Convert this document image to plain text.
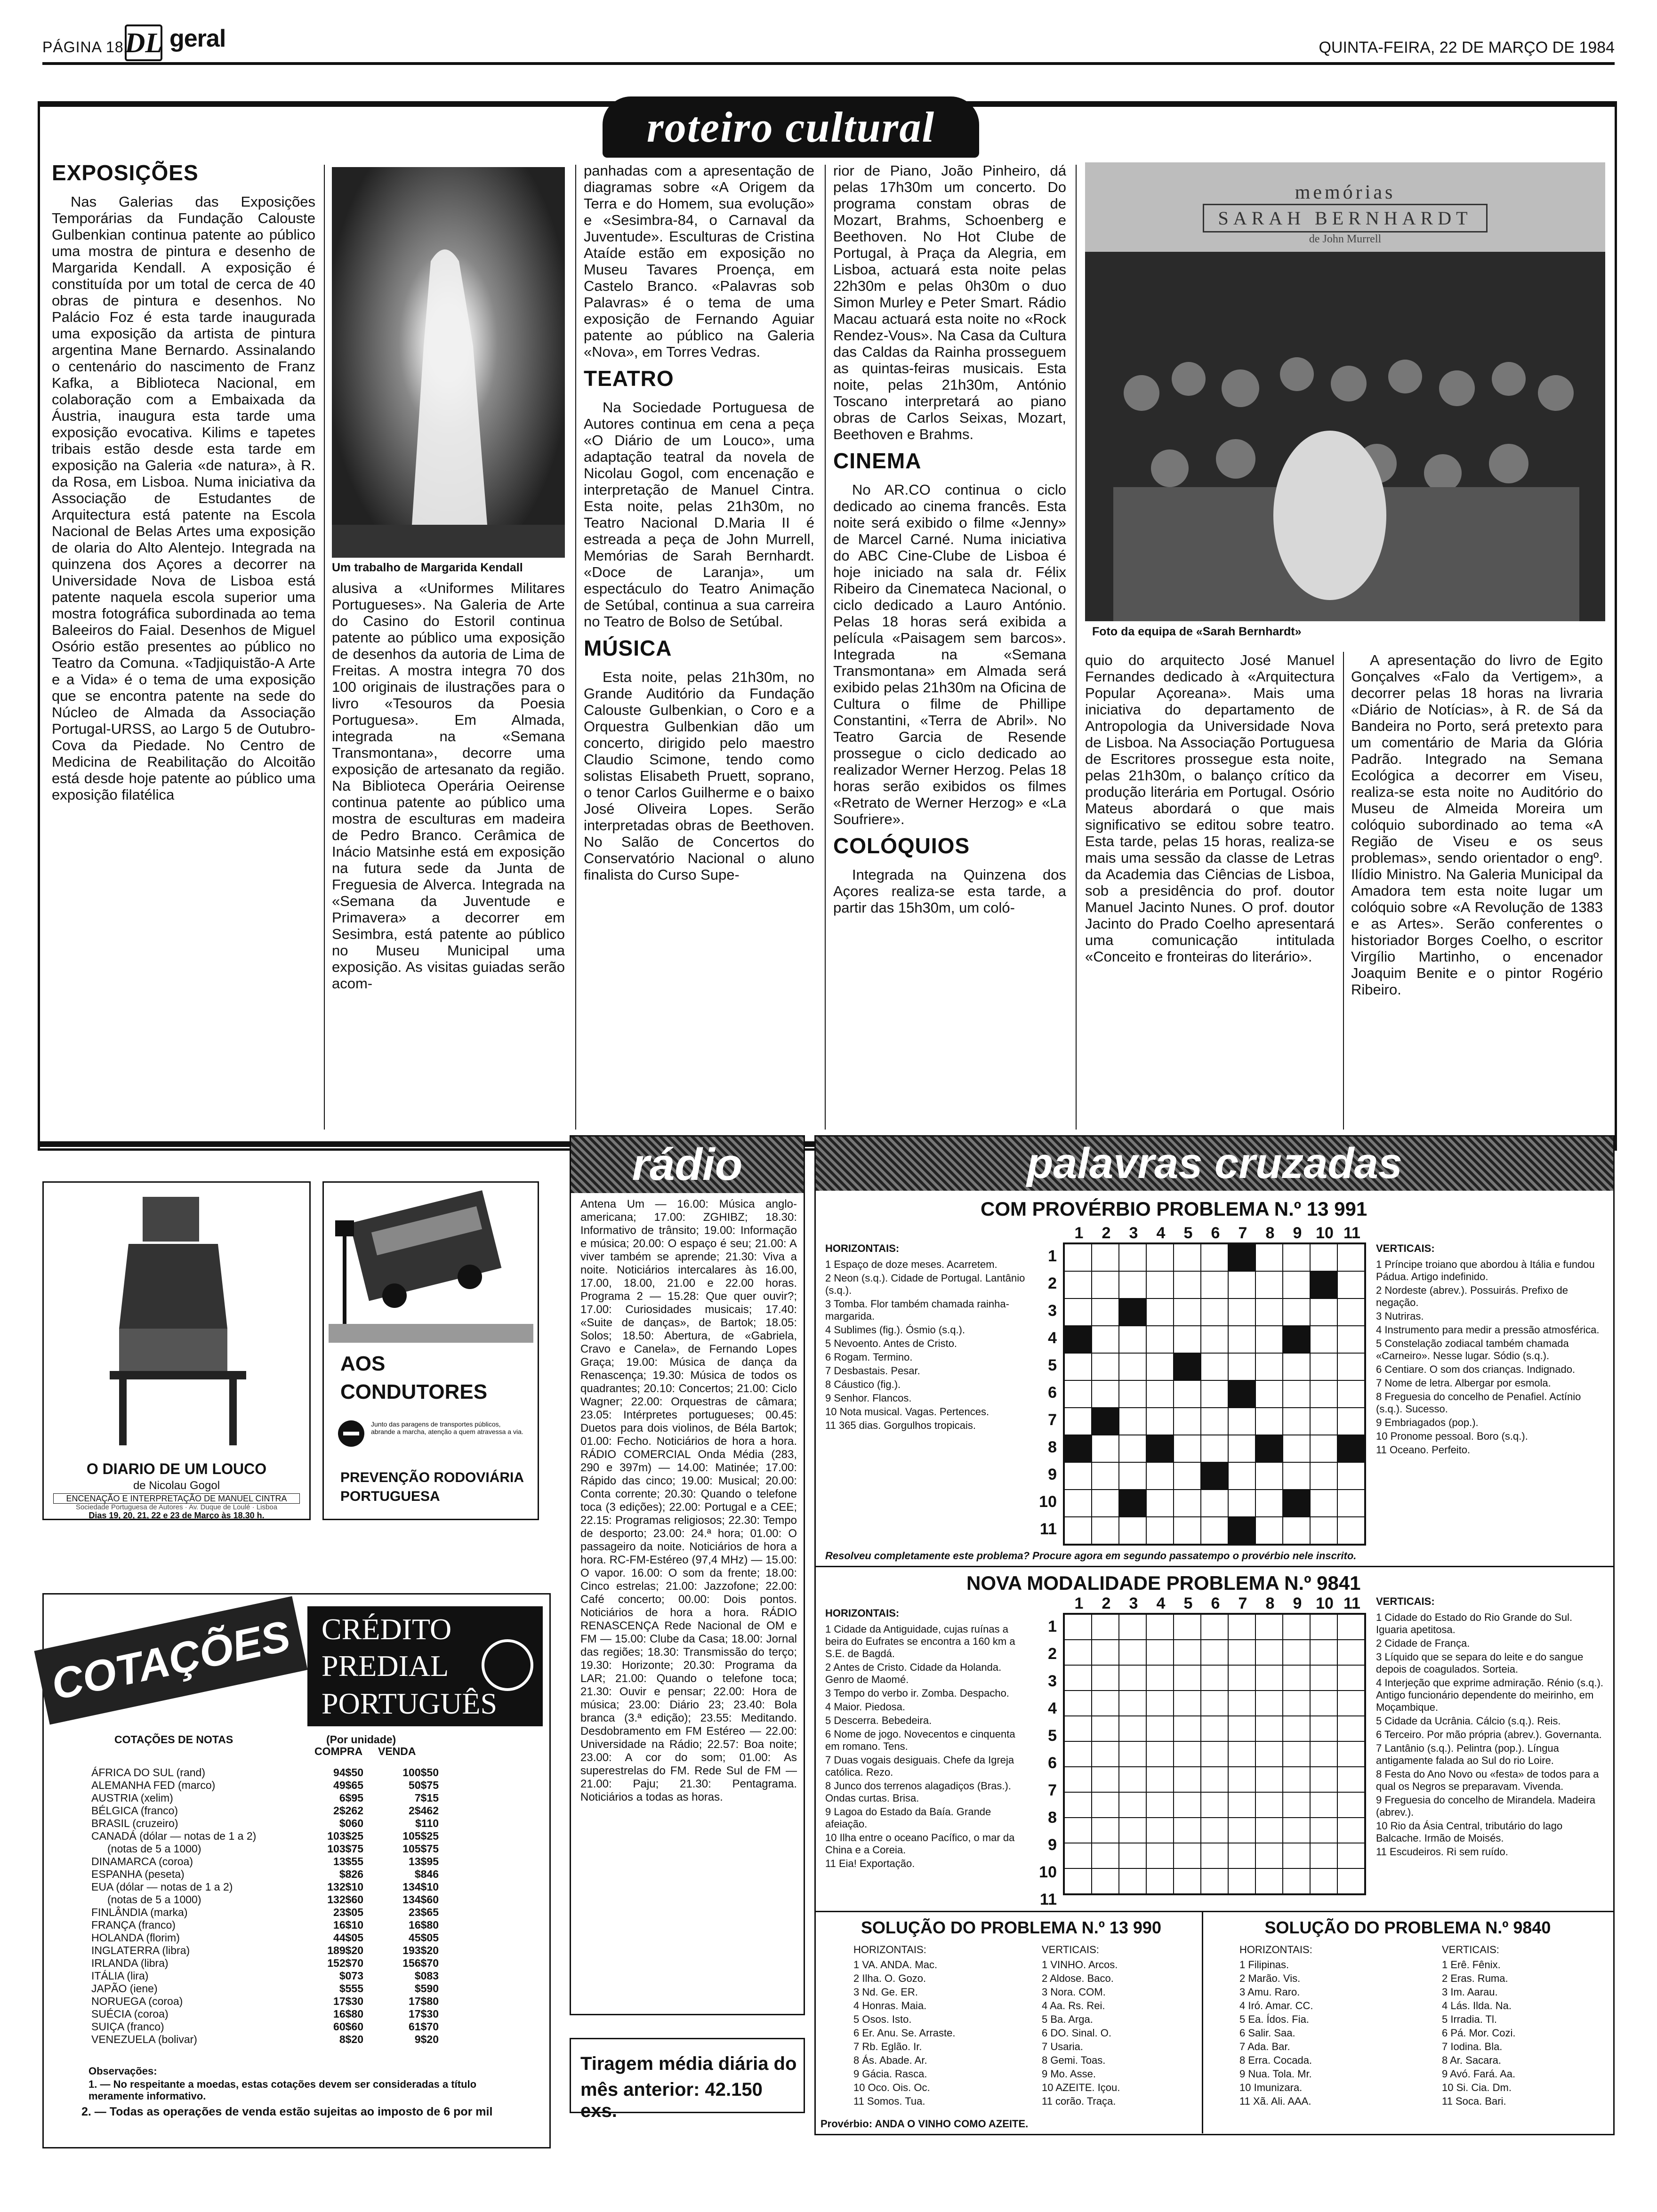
PÁGINA 18 DL geral	QUINTA-FEIRA, 22 DE MARÇO DE 1984
roteiro cultural
EXPOSIÇÕES

Nas Galerias das Exposições Temporárias da Fundação Calouste Gulbenkian continua patente ao público uma mostra de pintura e desenho de Margarida Kendall. A exposição é constituída por um total de cerca de 40 obras de pintura e desenhos. No Palácio Foz é esta tarde inaugurada uma exposição da artista de pintura argentina Mane Bernardo. Assinalando o centenário do nascimento de Franz Kafka, a Biblioteca Nacional, em colaboração com a Embaixada da Áustria, inaugura esta tarde uma exposição evocativa. Kilims e tapetes tribais estão desde esta tarde em exposição na Galeria «de natura», à R. da Rosa, em Lisboa. Numa iniciativa da Associação de Estudantes de Arquitectura está patente na Escola Nacional de Belas Artes uma exposição de olaria do Alto Alentejo. Integrada na quinzena dos Açores a decorrer na Universidade Nova de Lisboa está patente naquela escola superior uma mostra fotográfica subordinada ao tema Baleeiros do Faial. Desenhos de Miguel Osório estão presentes ao público no Teatro da Comuna. «Tadjiquistão-A Arte e a Vida» é o tema de uma exposição que se encontra patente na sede do Núcleo de Almada da Associação Portugal-URSS, ao Largo 5 de Outubro-Cova da Piedade. No Centro de Medicina de Reabilitação do Alcoitão está desde hoje patente ao público uma exposição filatélica

Um trabalho de Margarida Kendall

alusiva a «Uniformes Militares Portugueses». Na Galeria de Arte do Casino do Estoril continua patente ao público uma exposição de desenhos da autoria de Lima de Freitas. A mostra integra 70 dos 100 originais de ilustrações para o livro «Tesouros da Poesia Portuguesa». Em Almada, integrada na «Semana Transmontana», decorre uma exposição de artesanato da região. Na Biblioteca Operária Oeirense continua patente ao público uma mostra de esculturas em madeira de Pedro Branco. Cerâmica de Inácio Matsinhe está em exposição na futura sede da Junta de Freguesia de Alverca. Integrada na «Semana da Juventude e Primavera» a decorrer em Sesimbra, está patente ao público no Museu Municipal uma exposição. As visitas guiadas serão acom-

panhadas com a apresentação de diagramas sobre «A Origem da Terra e do Homem, sua evolução» e «Sesimbra-84, o Carnaval da Juventude». Esculturas de Cristina Ataíde estão em exposição no Museu Tavares Proença, em Castelo Branco. «Palavras sob Palavras» é o tema de uma exposição de Fernando Aguiar patente ao público na Galeria «Nova», em Torres Vedras.

TEATRO

Na Sociedade Portuguesa de Autores continua em cena a peça «O Diário de um Louco», uma adaptação teatral da novela de Nicolau Gogol, com encenação e interpretação de Manuel Cintra. Esta noite, pelas 21h30m, no Teatro Nacional D.Maria II é estreada a peça de John Murrell, Memórias de Sarah Bernhardt. «Doce de Laranja», um espectáculo do Teatro Animação de Setúbal, continua a sua carreira no Teatro de Bolso de Setúbal.

MÚSICA

Esta noite, pelas 21h30m, no Grande Auditório da Fundação Calouste Gulbenkian, o Coro e a Orquestra Gulbenkian dão um concerto, dirigido pelo maestro Claudio Scimone, tendo como solistas Elisabeth Pruett, soprano, o tenor Carlos Guilherme e o baixo José Oliveira Lopes. Serão interpretadas obras de Beethoven. No Salão de Concertos do Conservatório Nacional o aluno finalista do Curso Supe-

rior de Piano, João Pinheiro, dá pelas 17h30m um concerto. Do programa constam obras de Mozart, Brahms, Schoenberg e Beethoven. No Hot Clube de Portugal, à Praça da Alegria, em Lisboa, actuará esta noite pelas 22h30m e pelas 0h30m o duo Simon Murley e Peter Smart. Rádio Macau actuará esta noite no «Rock Rendez-Vous». Na Casa da Cultura das Caldas da Rainha prosseguem as quintas-feiras musicais. Esta noite, pelas 21h30m, António Toscano interpretará ao piano obras de Carlos Seixas, Mozart, Beethoven e Brahms.

CINEMA

No AR.CO continua o ciclo dedicado ao cinema francês. Esta noite será exibido o filme «Jenny» de Marcel Carné. Numa iniciativa do ABC Cine-Clube de Lisboa é hoje iniciado na sala dr. Félix Ribeiro da Cinemateca Nacional, o ciclo dedicado a Lauro António. Pelas 18 horas será exibida a película «Paisagem sem barcos». Integrada na «Semana Transmontana» em Almada será exibido pelas 21h30m na Oficina de Cultura o filme de Phillipe Constantini, «Terra de Abril». No Teatro Garcia de Resende prossegue o ciclo dedicado ao realizador Werner Herzog. Pelas 18 horas serão exibidos os filmes «Retrato de Werner Herzog» e «La Soufriere».

COLÓQUIOS

Integrada na Quinzena dos Açores realiza-se esta tarde, a partir das 15h30m, um coló-

memórias
SARAH BERNHARDT
de John Murrell
Foto da equipa de «Sarah Bernhardt»

quio do arquitecto José Manuel Fernandes dedicado à «Arquitectura Popular Açoreana». Mais uma iniciativa do departamento de Antropologia da Universidade Nova de Lisboa. Na Associação Portuguesa de Escritores prossegue esta noite, pelas 21h30m, o balanço crítico da produção literária em Portugal. Osório Mateus abordará o que mais significativo se editou sobre teatro. Esta tarde, pelas 15 horas, realiza-se mais uma sessão da classe de Letras da Academia das Ciências de Lisboa, sob a presidência do prof. doutor Manuel Jacinto Nunes. O prof. doutor Jacinto do Prado Coelho apresentará uma comunicação intitulada «Conceito e fronteiras do literário».

A apresentação do livro de Egito Gonçalves «Falo da Vertigem», a decorrer pelas 18 horas na livraria «Diário de Notícias», à R. de Sá da Bandeira no Porto, será pretexto para um comentário de Maria da Glória Padrão. Integrado na Semana Ecológica a decorrer em Viseu, realiza-se esta noite no Auditório do Museu de Almeida Moreira um colóquio subordinado ao tema «A Região de Viseu e os seus problemas», sendo orientador o engº. Ilídio Ministro. Na Galeria Municipal da Amadora tem esta noite lugar um colóquio sobre «A Revolução de 1383 e as Artes». Serão conferentes o historiador Borges Coelho, o escritor Virgílio Martinho, o encenador Joaquim Benite e o pintor Rogério Ribeiro.

O DIARIO DE UM LOUCO
de Nicolau Gogol
ENCENAÇÃO E INTERPRETAÇÃO DE MANUEL CINTRA
Sociedade Portuguesa de Autores · Av. Duque de Loulé · Lisboa
Dias 19, 20, 21, 22 e 23 de Março às 18.30 h.
AOS
CONDUTORES
Junto das paragens de transportes públicos, abrande a marcha, atenção a quem atravessa a via.
PREVENÇÃO RODOVIÁRIA
PORTUGUESA
COTAÇÕES CRÉDITO
PREDIAL
PORTUGUÊS
COTAÇÕES DE NOTAS	(Por unidade)
COMPRA VENDA
ÁFRICA DO SUL (rand)	94$50	100$50
ALEMANHA FED (marco)	49$65	50$75
AUSTRIA (xelim)	6$95	7$15
BÉLGICA (franco)	2$262	2$462
BRASIL (cruzeiro)	$060	$110
CANADÁ (dólar — notas de 1 a 2)	103$25	105$25
(notas de 5 a 1000)	103$75	105$75
DINAMARCA (coroa)	13$55	13$95
ESPANHA (peseta)	$826	$846
EUA (dólar — notas de 1 a 2)	132$10	134$10
(notas de 5 a 1000)	132$60	134$60
FINLÂNDIA (marka)	23$05	23$65
FRANÇA (franco)	16$10	16$80
HOLANDA (florim)	44$05	45$05
INGLATERRA (libra)	189$20	193$20
IRLANDA (libra)	152$70	156$70
ITÁLIA (lira)	$073	$083
JAPÃO (iene)	$555	$590
NORUEGA (coroa)	17$30	17$80
SUÉCIA (coroa)	16$80	17$30
SUIÇA (franco)	60$60	61$70
VENEZUELA (bolivar)	8$20	9$20
Observações:
1. — No respeitante a moedas, estas cotações devem ser consideradas a título meramente informativo.
2. — Todas as operações de venda estão sujeitas ao imposto de 6 por mil
rádio
Antena Um — 16.00: Música anglo-americana; 17.00: ZGHIBZ; 18.30: Informativo de trânsito; 19.00: Informação e música; 20.00: O espaço é seu; 21.00: A viver também se aprende; 21.30: Viva a noite. Noticiários intercalares às 16.00, 17.00, 18.00, 21.00 e 22.00 horas. Programa 2 — 15.28: Que quer ouvir?; 17.00: Curiosidades musicais; 17.40: «Suite de danças», de Bartok; 18.05: Solos; 18.50: Abertura, de «Gabriela, Cravo e Canela», de Fernando Lopes Graça; 19.00: Música de dança da Renascença; 19.30: Música de todos os quadrantes; 20.10: Concertos; 21.00: Ciclo Wagner; 22.00: Orquestras de câmara; 23.05: Intérpretes portugueses; 00.45: Duetos para dois violinos, de Béla Bartok; 01.00: Fecho. Noticiários de hora a hora. RÁDIO COMERCIAL Onda Média (283, 290 e 397m) — 14.00: Matinée; 17.00: Rápido das cinco; 19.00: Musical; 20.00: Conta corrente; 20.30: Quando o telefone toca (3 edições); 22.00: Portugal e a CEE; 22.15: Programas religiosos; 22.30: Tempo de desporto; 23.00: 24.ª hora; 01.00: O passageiro da noite. Noticiários de hora a hora. RC-FM-Estéreo (97,4 MHz) — 15.00: O vapor. 16.00: O som da frente; 18.00: Cinco estrelas; 21.00: Jazzofone; 22.00: Café concerto; 00.00: Dois pontos. Noticiários de hora a hora. RÁDIO RENASCENÇA Rede Nacional de OM e FM — 15.00: Clube da Casa; 18.00: Jornal das regiões; 18.30: Transmissão do terço; 19.30: Horizonte; 20.30: Programa da LAR; 21.00: Quando o telefone toca; 21.30: Ouvir e pensar; 22.00: Hora de música; 23.00: Diário 23; 23.40: Bola branca (3.ª edição); 23.55: Meditando. Desdobramento em FM Estéreo — 22.00: Universidade na Rádio; 22.57: Boa noite; 23.00: A cor do som; 01.00: As superestrelas do FM. Rede Sul de FM — 21.00: Paju; 21.30: Pentagrama. Noticiários a todas as horas.
Tiragem média diária do
mês anterior: 42.150 exs.
palavras cruzadas
COM PROVÉRBIO PROBLEMA N.º 13 991
1	2	3	4	5	6	7	8	9 10 11
1
2
3
4
5
6
7
8
9
10
11
HORIZONTAIS:
1 Espaço de doze meses. Acarretem.
2 Neon (s.q.). Cidade de Portugal. Lantânio (s.q.).
3 Tomba. Flor também chamada rainha-margarida.
4 Sublimes (fig.). Ósmio (s.q.).
5 Nevoento. Antes de Cristo.
6 Rogam. Termino.
7 Desbastais. Pesar.
8 Cáustico (fig.).
9 Senhor. Flancos.
10 Nota musical. Vagas. Pertences.
11 365 dias. Gorgulhos tropicais.
VERTICAIS:
1 Príncipe troiano que abordou à Itália e fundou Pádua. Artigo indefinido.
2 Nordeste (abrev.). Possuirás. Prefixo de negação.
3 Nutriras.
4 Instrumento para medir a pressão atmosférica.
5 Constelação zodiacal também chamada «Carneiro». Nesse lugar. Sódio (s.q.).
6 Centiare. O som dos crianças. Indignado.
7 Nome de letra. Albergar por esmola.
8 Freguesia do concelho de Penafiel. Actínio (s.q.). Sucesso.
9 Embriagados (pop.).
10 Pronome pessoal. Boro (s.q.).
11 Oceano. Perfeito.
Resolveu completamente este problema? Procure agora em segundo passatempo o provérbio nele inscrito.
NOVA MODALIDADE PROBLEMA N.º 9841
1	2	3	4	5	6	7	8	9 10 11
1
2
3
4
5
6
7
8
9
10
11
HORIZONTAIS:
1 Cidade da Antiguidade, cujas ruínas a beira do Eufrates se encontra a 160 km a S.E. de Bagdá.
2 Antes de Cristo. Cidade da Holanda. Genro de Maomé.
3 Tempo do verbo ir. Zomba. Despacho.
4 Maior. Piedosa.
5 Descerra. Bebedeira.
6 Nome de jogo. Novecentos e cinquenta em romano. Tens.
7 Duas vogais desiguais. Chefe da Igreja católica. Rezo.
8 Junco dos terrenos alagadiços (Bras.). Ondas curtas. Brisa.
9 Lagoa do Estado da Baía. Grande afeiação.
10 Ilha entre o oceano Pacífico, o mar da China e a Coreia.
11 Eia! Exportação.
VERTICAIS:
1 Cidade do Estado do Rio Grande do Sul. Iguaria apetitosa.
2 Cidade de França.
3 Líquido que se separa do leite e do sangue depois de coagulados. Sorteia.
4 Interjeção que exprime admiração. Rénio (s.q.). Antigo funcionário dependente do meirinho, em Moçambique.
5 Cidade da Ucrânia. Cálcio (s.q.). Reis.
6 Terceiro. Por mão própria (abrev.). Governanta.
7 Lantânio (s.q.). Pelintra (pop.). Língua antigamente falada ao Sul do rio Loire.
8 Festa do Ano Novo ou «festa» de todos para a qual os Negros se preparavam. Vivenda.
9 Freguesia do concelho de Mirandela. Madeira (abrev.).
10 Rio da Ásia Central, tributário do lago Balcache. Irmão de Moisés.
11 Escudeiros. Ri sem ruído.
SOLUÇÃO DO PROBLEMA N.º 13 990
HORIZONTAIS:
1 VA. ANDA. Mac.
2 Ilha. O. Gozo.
3 Nd. Ge. ER.
4 Honras. Maia.
5 Osos. Isto.
6 Er. Anu. Se. Arraste.
7 Rb. Eglão. Ir.
8 Ás. Abade. Ar.
9 Gácia. Rasca.
10 Oco. Ois. Oc.
11 Somos. Tua.
VERTICAIS:
1 VINHO. Arcos.
2 Aldose. Baco.
3 Nora. COM.
4 Aa. Rs. Rei.
5 Ba. Arga.
6 DO. Sinal. O.
7 Usaria.
8 Gemi. Toas.
9 Mo. Asse.
10 AZEITE. Içou.
11 corão. Traça.
Provérbio: ANDA O VINHO COMO AZEITE.
SOLUÇÃO DO PROBLEMA N.º 9840
HORIZONTAIS:
1 Filipinas.
2 Marão. Vis.
3 Amu. Raro.
4 Iró. Amar. CC.
5 Ea. Ídos. Fia.
6 Salir. Saa.
7 Ada. Bar.
8 Erra. Cocada.
9 Nua. Tola. Mr.
10 Imunizara.
11 Xã. Ali. AAA.
VERTICAIS:
1 Erê. Fênix.
2 Eras. Ruma.
3 Im. Aarau.
4 Lás. Ilda. Na.
5 Irradia. Tl.
6 Pá. Mor. Cozi.
7 Iodina. Bla.
8 Ar. Sacara.
9 Avó. Fará. Aa.
10 Si. Cia. Dm.
11 Soca. Bari.
